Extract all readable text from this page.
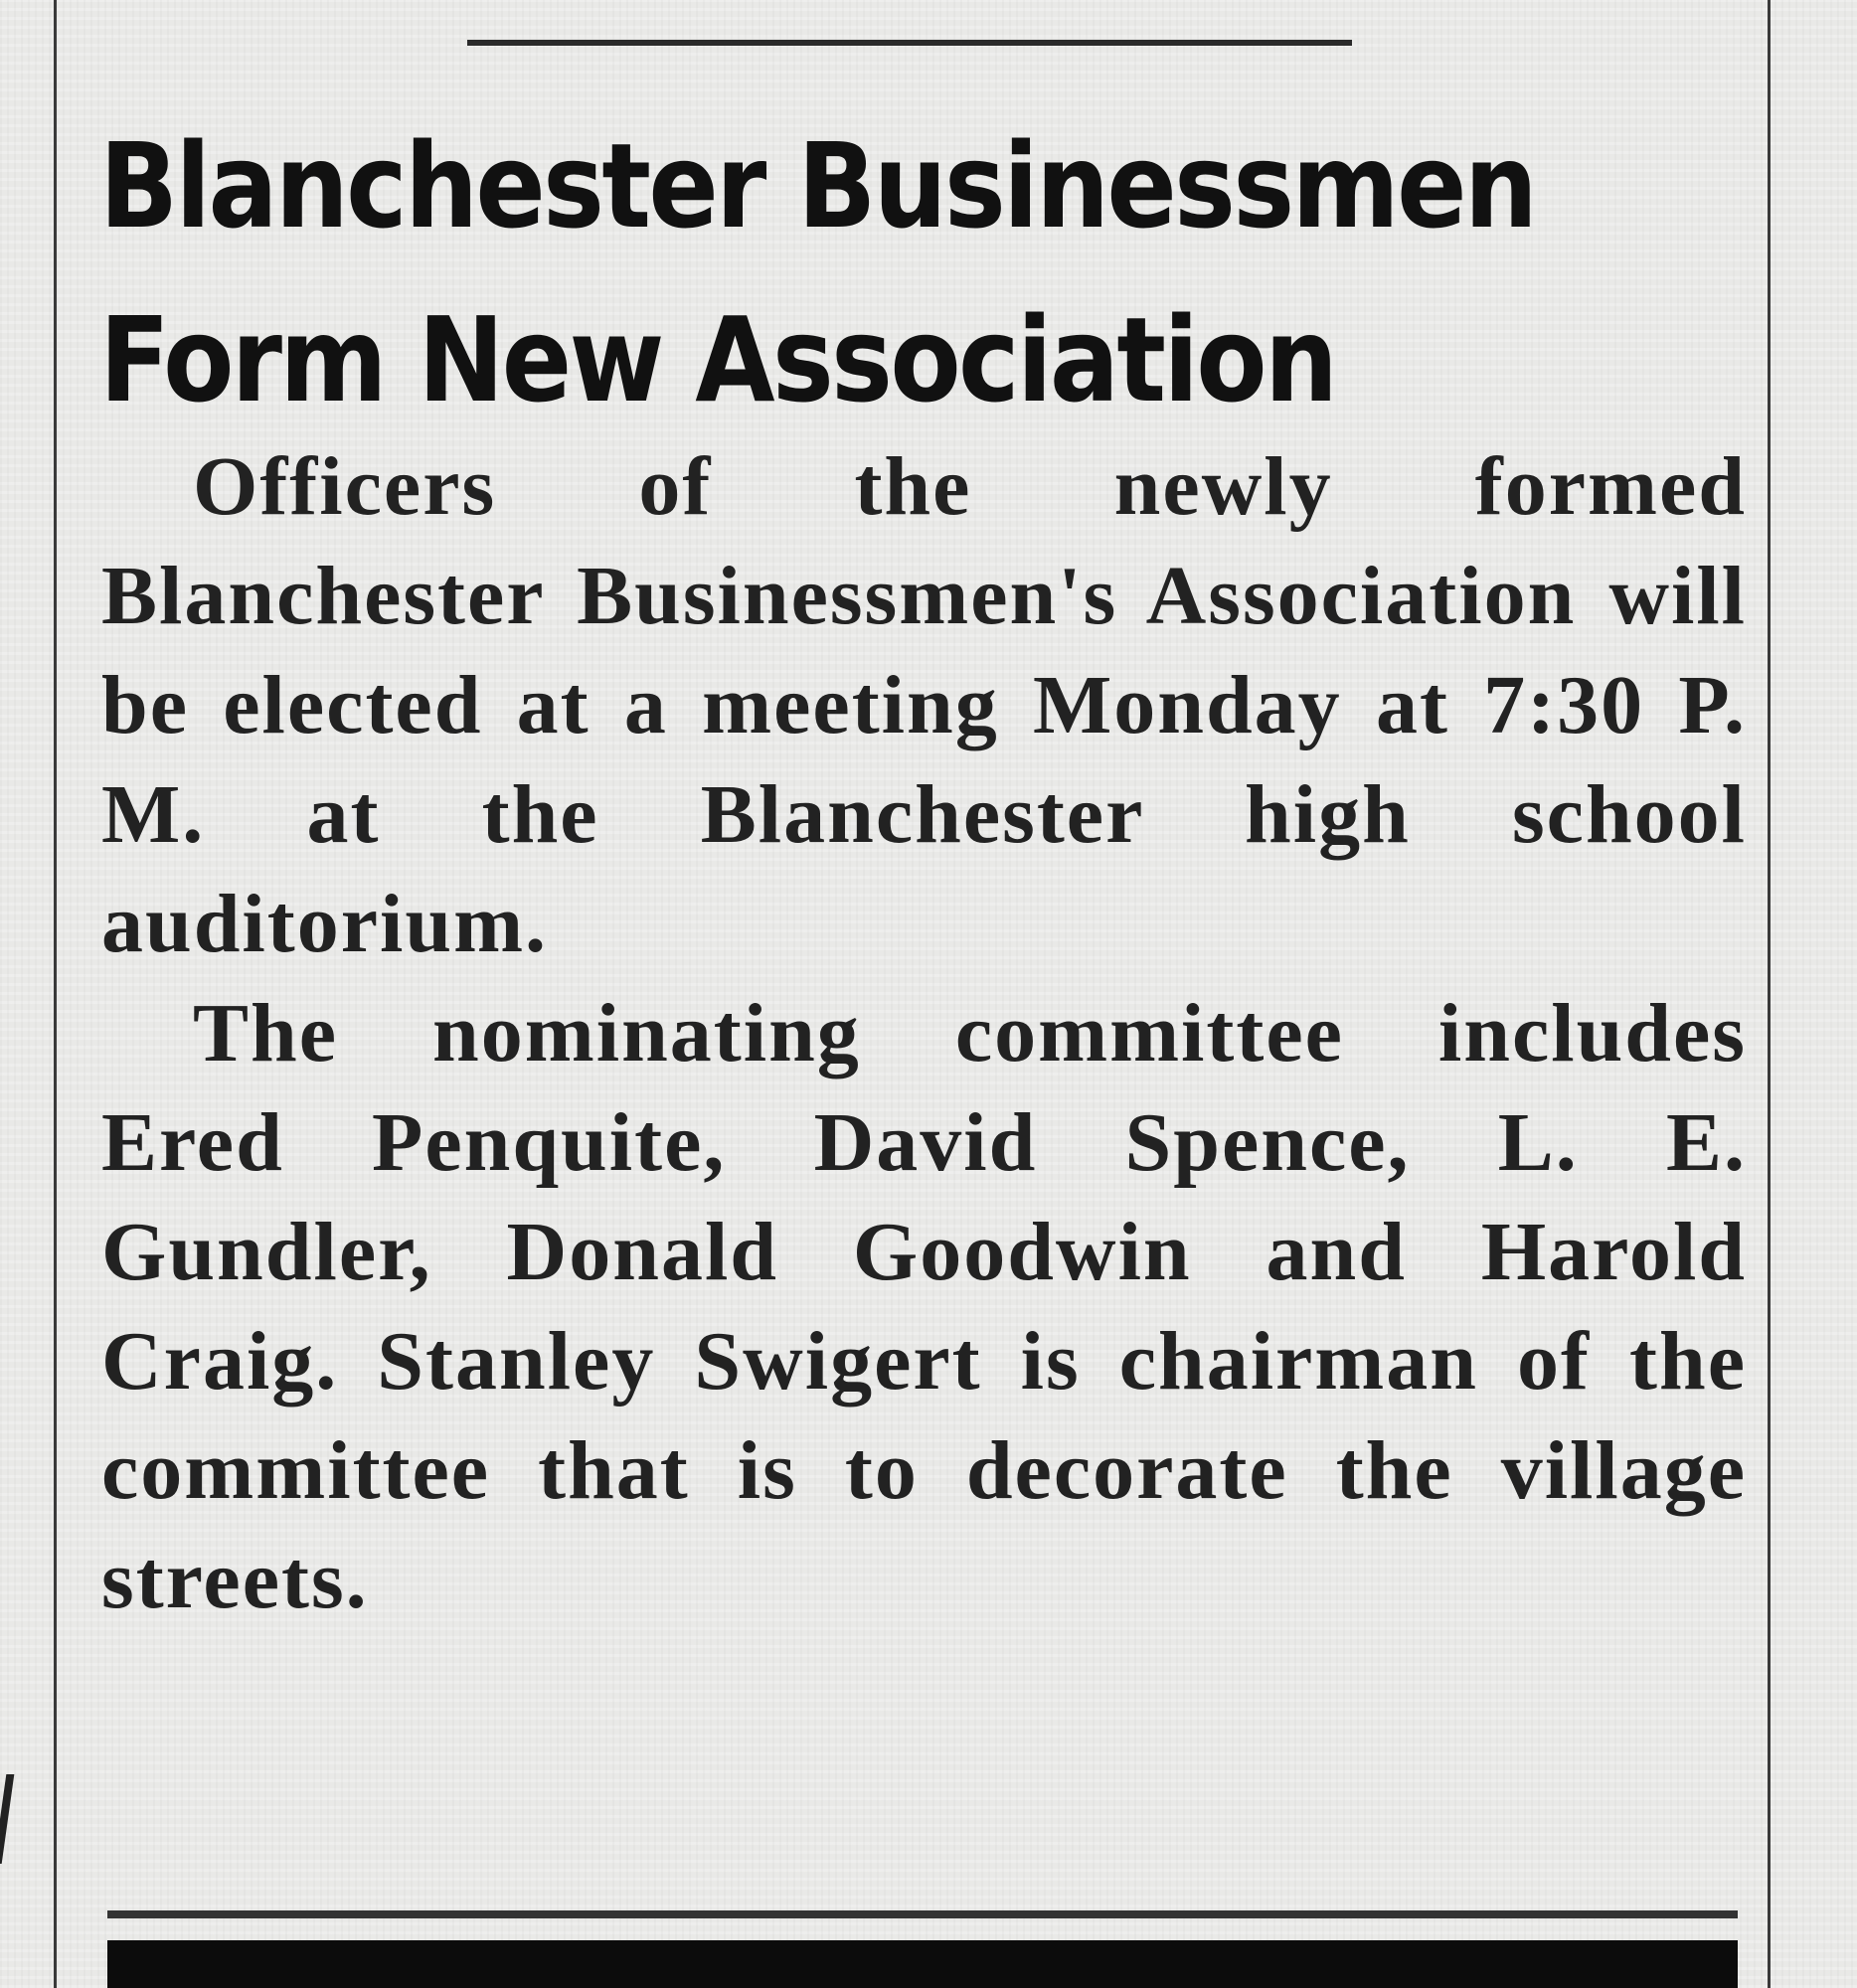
Blanchester Businessmen
Form New Association

Officers of the newly formed Blanchester Businessmen's Association will be elected at a meeting Monday at 7:30 P. M. at the Blanchester high school auditorium.

The nominating committee includes Ered Penquite, David Spence, L. E. Gundler, Donald Goodwin and Harold Craig. Stanley Swigert is chairman of the committee that is to decorate the village streets.
